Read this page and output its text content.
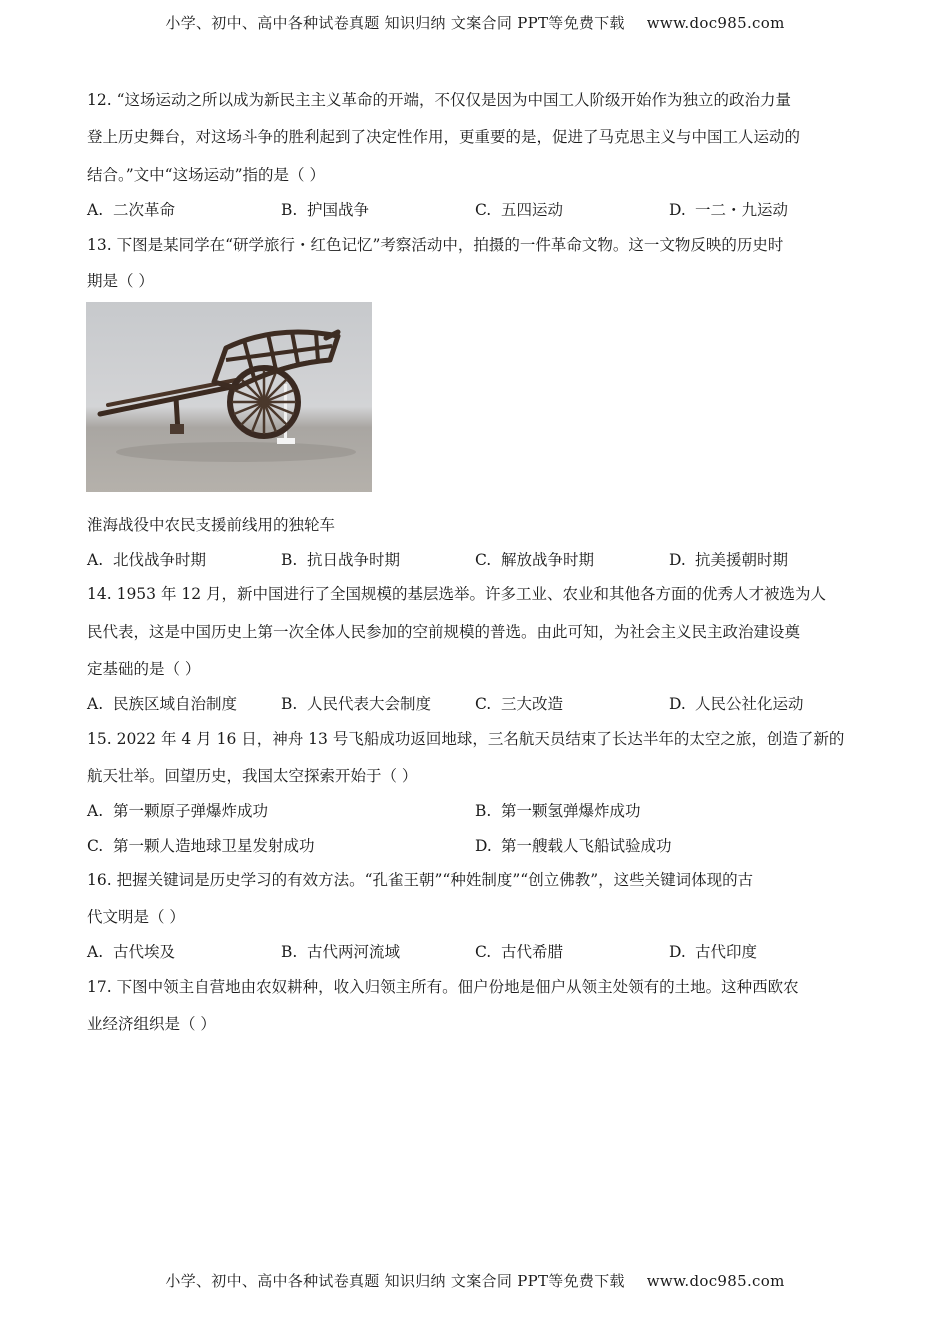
小学、初中、高中各种试卷真题 知识归纳 文案合同 PPT等免费下载 www.doc985.com
12. “这场运动之所以成为新民主主义革命的开端，不仅仅是因为中国工人阶级开始作为独立的政治力量
登上历史舞台，对这场斗争的胜利起到了决定性作用，更重要的是，促进了马克思主义与中国工人运动的
结合。”文中“这场运动”指的是（ ）
A. 二次革命	B. 护国战争	C. 五四运动	D. 一二・九运动
13. 下图是某同学在“研学旅行・红色记忆”考察活动中，拍摄的一件革命文物。这一文物反映的历史时
期是（ ）
淮海战役中农民支援前线用的独轮车
A. 北伐战争时期	B. 抗日战争时期	C. 解放战争时期	D. 抗美援朝时期
14. 1953 年 12 月，新中国进行了全国规模的基层选举。许多工业、农业和其他各方面的优秀人才被选为人
民代表，这是中国历史上第一次全体人民参加的空前规模的普选。由此可知，为社会主义民主政治建设奠
定基础的是（ ）
A. 民族区域自治制度	B. 人民代表大会制度	C. 三大改造	D. 人民公社化运动
15. 2022 年 4 月 16 日，神舟 13 号飞船成功返回地球，三名航天员结束了长达半年的太空之旅，创造了新的
航天壮举。回望历史，我国太空探索开始于（ ）
A. 第一颗原子弹爆炸成功	B. 第一颗氢弹爆炸成功
C. 第一颗人造地球卫星发射成功	D. 第一艘载人飞船试验成功
16. 把握关键词是历史学习的有效方法。“孔雀王朝”“种姓制度”“创立佛教”，这些关键词体现的古
代文明是（ ）
A. 古代埃及	B. 古代两河流域	C. 古代希腊	D. 古代印度
17. 下图中领主自营地由农奴耕种，收入归领主所有。佃户份地是佃户从领主处领有的土地。这种西欧农
业经济组织是（ ）
小学、初中、高中各种试卷真题 知识归纳 文案合同 PPT等免费下载 www.doc985.com
